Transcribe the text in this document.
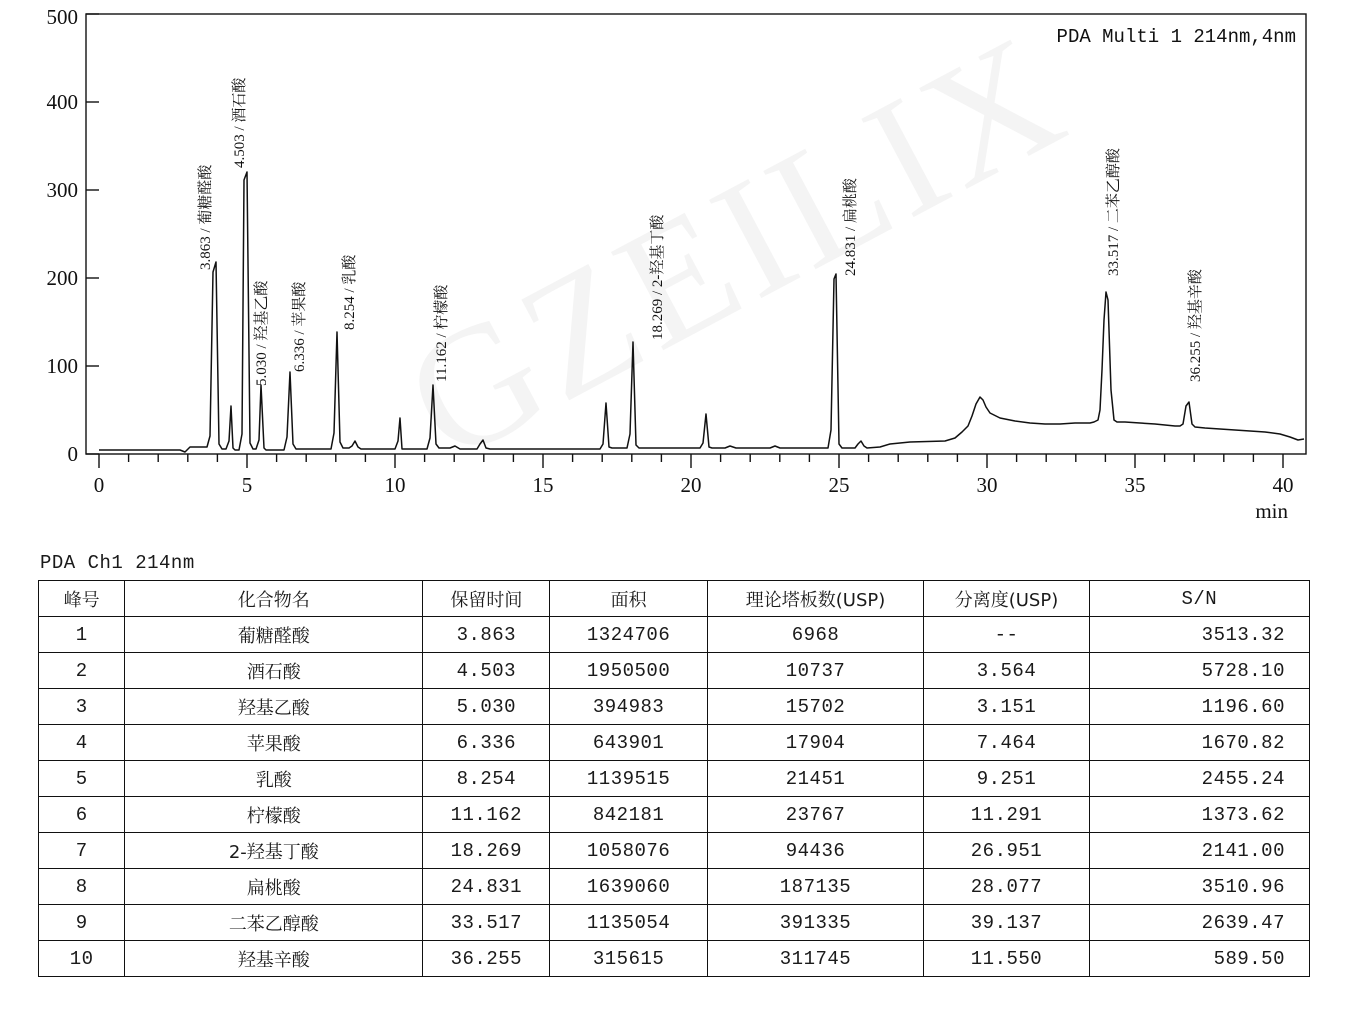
0
100
200
300
400
500
0	5	10	15	20	25	30	35	40
min
PDA Multi 1 214nm,4nm
3.863 / 葡糖醛酸
4.503 / 酒石酸
5.030 / 羟基乙酸 6.336 / 苹果酸 8.254 / 乳酸	11.162 / 柠檬酸	18.269 / 2-羟基丁酸	24.831 / 扁桃酸	33.517 / 二苯乙醇酸
36.255 / 羟基辛酸
PDA Ch1 214nm
峰号	化合物名	保留时间	面积	理论塔板数(USP)	分离度(USP)	S/N
1	葡糖醛酸	3.863	1324706	6968	--	3513.32
2	酒石酸	4.503	1950500	10737	3.564	5728.10
3	羟基乙酸	5.030	394983	15702	3.151	1196.60
4	苹果酸	6.336	643901	17904	7.464	1670.82
5	乳酸	8.254	1139515	21451	9.251	2455.24
6	柠檬酸	11.162	842181	23767	11.291	1373.62
7	2-羟基丁酸	18.269	1058076	94436	26.951	2141.00
8	扁桃酸	24.831	1639060	187135	28.077	3510.96
9	二苯乙醇酸	33.517	1135054	391335	39.137	2639.47
10	羟基辛酸	36.255	315615	311745	11.550	589.50
